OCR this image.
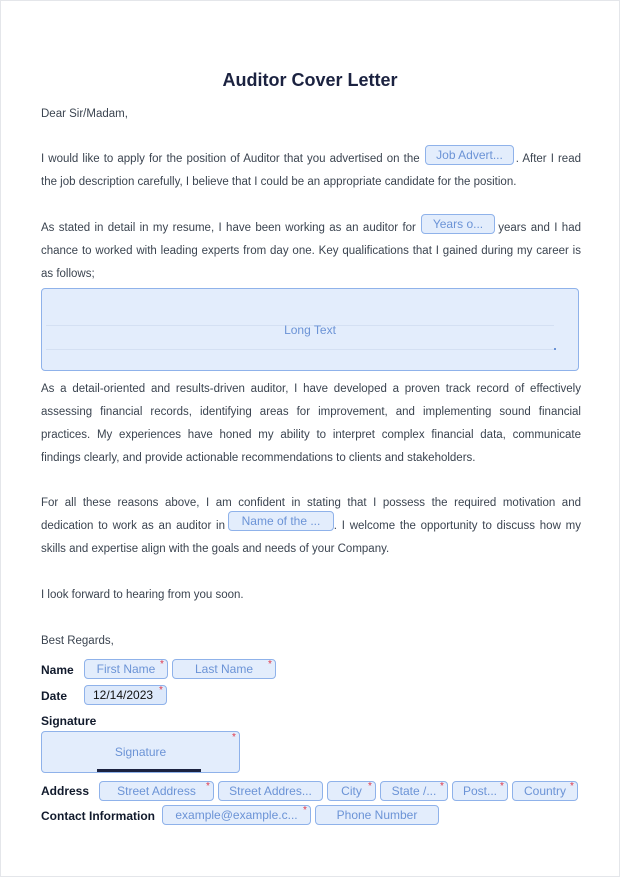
Auditor Cover Letter
Dear Sir/Madam,
I would like to apply for the position of Auditor that you advertised on the	. After I read the job description carefully, I believe that I could be an appropriate candidate for the position.
Job Advert...
As stated in detail in my resume, I have been working as an auditor for	years and I had chance to worked with leading experts from day one. Key qualifications that I gained during my career is as follows;
Years o...
Long Text
As a detail-oriented and results-driven auditor, I have developed a proven track record of effectively assessing financial records, identifying areas for improvement, and implementing sound financial practices. My experiences have honed my ability to interpret complex financial data, communicate findings clearly, and provide actionable recommendations to clients and stakeholders.
For all these reasons above, I am confident in stating that I possess the required motivation and dedication to work as an auditor in	. I welcome the opportunity to discuss how my skills and expertise align with the goals and needs of your Company.
Name of the ...
I look forward to hearing from you soon.
Best Regards,
Name	First Name *	Last Name	*
Date	12/14/2023 *
Signature
Signature
*
Address	Street Address	*	Street Addres...	City *	State /... *	Post... *	Country *
Contact Information	example@example.c... *	Phone Number
